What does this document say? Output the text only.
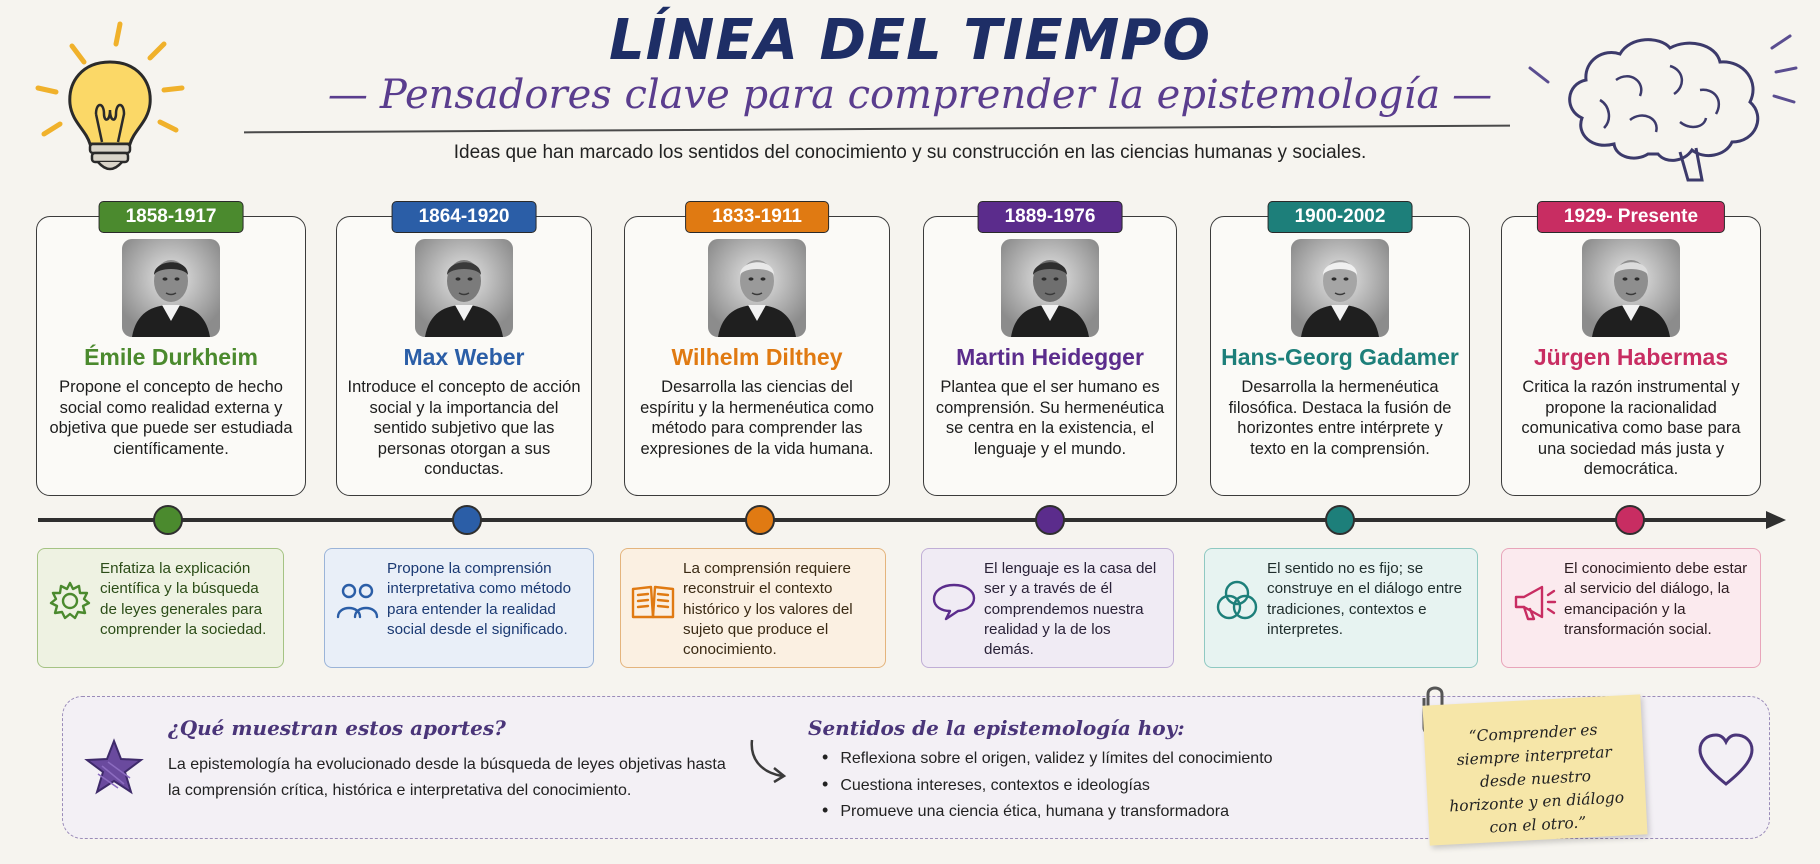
LÍNEA DEL TIEMPO
— Pensadores clave para comprender la epistemología —
Ideas que han marcado los sentidos del conocimiento y su construcción en las ciencias humanas y sociales.
1858-1917
Émile Durkheim
Propone el concepto de hecho social como realidad externa y objetiva que puede ser estudiada científicamente.
1864-1920
Max Weber
Introduce el concepto de acción social y la importancia del sentido subjetivo que las personas otorgan a sus conductas.
1833-1911
Wilhelm Dilthey
Desarrolla las ciencias del espíritu y la hermenéutica como método para comprender las expresiones de la vida humana.
1889-1976
Martin Heidegger
Plantea que el ser humano es comprensión. Su hermenéutica se centra en la existencia, el lenguaje y el mundo.
1900-2002
Hans-Georg Gadamer
Desarrolla la hermenéutica filosófica. Destaca la fusión de horizontes entre intérprete y texto en la comprensión.
1929- Presente
Jürgen Habermas
Critica la razón instrumental y propone la racionalidad comunicativa como base para una sociedad más justa y democrática.
Enfatiza la explicación científica y la búsqueda de leyes generales para comprender la sociedad.
Propone la comprensión interpretativa como método para entender la realidad social desde el significado.
La comprensión requiere reconstruir el contexto histórico y los valores del sujeto que produce el conocimiento.
El lenguaje es la casa del ser y a través de él comprendemos nuestra realidad y la de los demás.
El sentido no es fijo; se construye en el diálogo entre tradiciones, contextos e interpretes.
El conocimiento debe estar al servicio del diálogo, la emancipación y la transformación social.
¿Qué muestran estos aportes?
La epistemología ha evolucionado desde la búsqueda de leyes objetivas hasta la comprensión crítica, histórica e interpretativa del conocimiento.
Sentidos de la epistemología hoy:
• Reflexiona sobre el origen, validez y límites del conocimiento
• Cuestiona intereses, contextos e ideologías
• Promueve una ciencia ética, humana y transformadora
“Comprender es siempre interpretar desde nuestro horizonte y en diálogo con el otro.”
